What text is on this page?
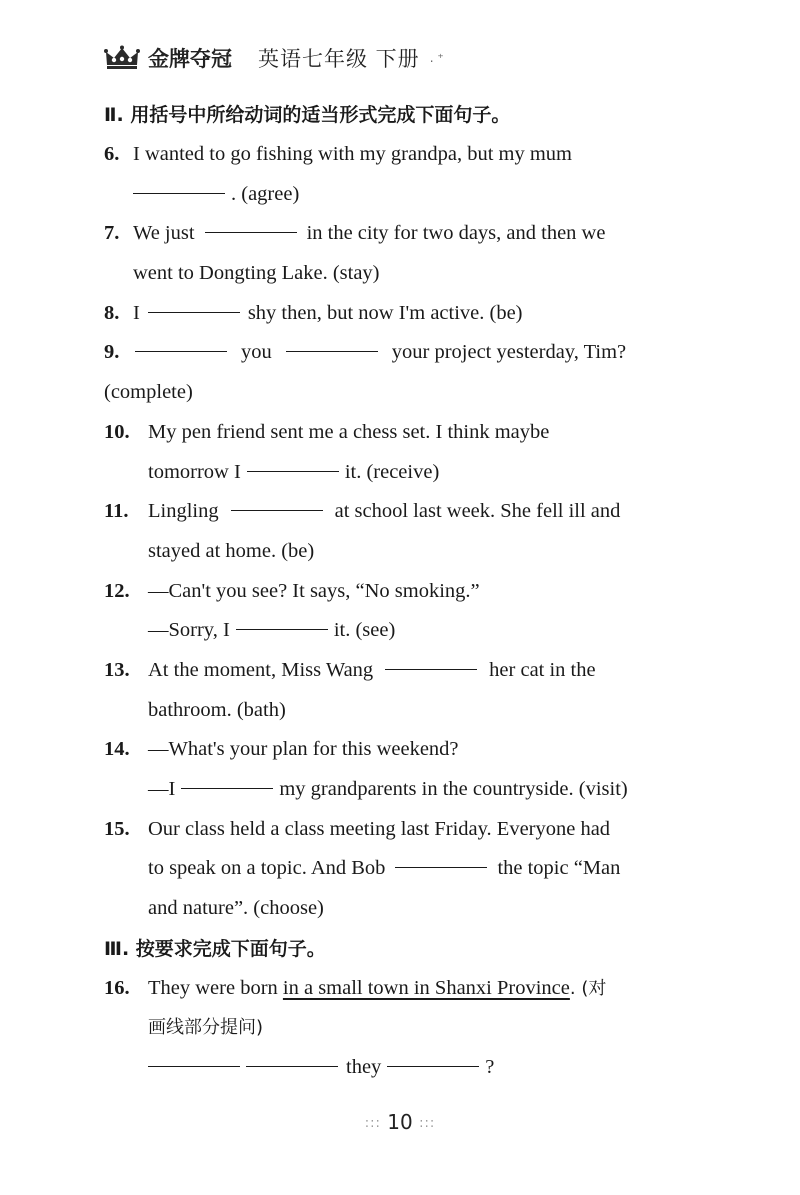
金牌夺冠 英语七年级 下册 . ⁺
Ⅱ. 用括号中所给动词的适当形式完成下面句子。
6. I wanted to go fishing with my grandpa, but my mum
. (agree)
7. We just	in the city for two days, and then we
went to Dongting Lake. (stay)
8. I	shy then, but now I'm active. (be)
9.	you	your project yesterday, Tim?
(complete)
10. My pen friend sent me a chess set. I think maybe
tomorrow I	it. (receive)
11. Lingling	at school last week. She fell ill and
stayed at home. (be)
12. —Can't you see? It says, “No smoking.”
—Sorry, I	it. (see)
13. At the moment, Miss Wang	her cat in the
bathroom. (bath)
14. —What's your plan for this weekend?
—I	my grandparents in the countryside. (visit)
15. Our class held a class meeting last Friday. Everyone had
to speak on a topic. And Bob	the topic “Man
and nature”. (choose)
Ⅲ. 按要求完成下面句子。
16. They were born
in a small town in Shanxi Province . (对
画线部分提问)
they	?
::: 10 :::
